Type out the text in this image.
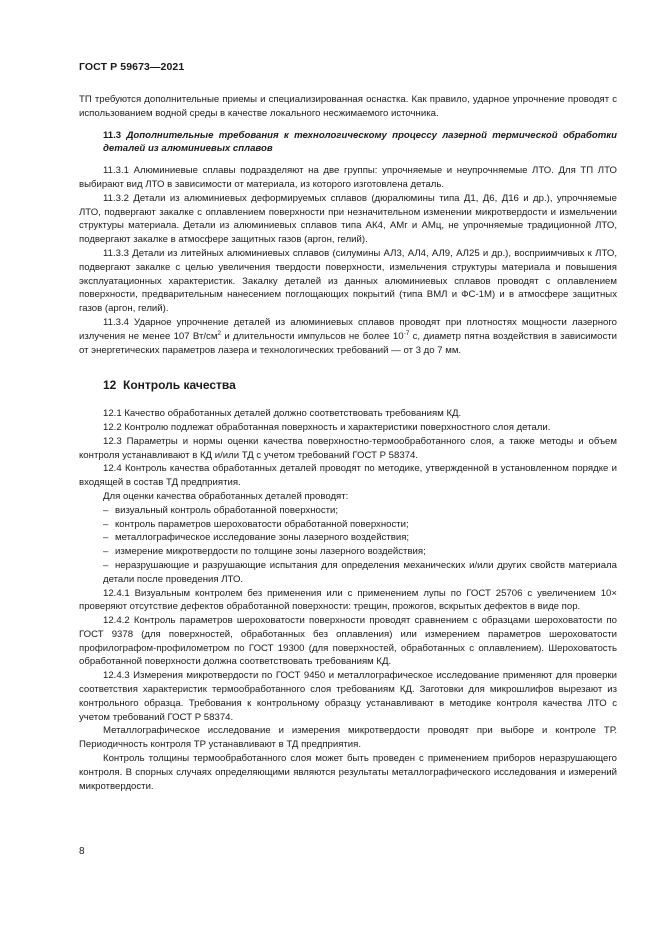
ГОСТ Р 59673—2021

ТП требуются дополнительные приемы и специализированная оснастка. Как правило, ударное упрочнение проводят с использованием водной среды в качестве локального несжимаемого источника.

11.3 Дополнительные требования к технологическому процессу лазерной термической обработки деталей из алюминиевых сплавов

11.3.1 Алюминиевые сплавы подразделяют на две группы: упрочняемые и неупрочняемые ЛТО. Для ТП ЛТО выбирают вид ЛТО в зависимости от материала, из которого изготовлена деталь.

11.3.2 Детали из алюминиевых деформируемых сплавов (дюралюмины типа Д1, Д6, Д16 и др.), упрочняемые ЛТО, подвергают закалке с оплавлением поверхности при незначительном изменении микротвердости и измельчении структуры материала. Детали из алюминиевых сплавов типа АК4, АМг и АМц, не упрочняемые традиционной ЛТО, подвергают закалке в атмосфере защитных газов (аргон, гелий).

11.3.3 Детали из литейных алюминиевых сплавов (силумины АЛ3, АЛ4, АЛ9, АЛ25 и др.), восприимчивых к ЛТО, подвергают закалке с целью увеличения твердости поверхности, измельчения структуры материала и повышения эксплуатационных характеристик. Закалку деталей из данных алюминиевых сплавов проводят с оплавлением поверхности, предварительным нанесением поглощающих покрытий (типа ВМЛ и ФС-1М) и в атмосфере защитных газов (аргон, гелий).

11.3.4 Ударное упрочнение деталей из алюминиевых сплавов проводят при плотностях мощности лазерного излучения не менее 107 $Вт/см^2$ и длительности импульсов не более $10^{-7}$ с, диаметр пятна воздействия в зависимости от энергетических параметров лазера и технологических требований — от 3 до 7 мм.

12 Контроль качества

12.1 Качество обработанных деталей должно соответствовать требованиям КД.

12.2 Контролю подлежат обработанная поверхность и характеристики поверхностного слоя детали.

12.3 Параметры и нормы оценки качества поверхностно-термообработанного слоя, а также методы и объем контроля устанавливают в КД и/или ТД с учетом требований ГОСТ Р 58374.

12.4 Контроль качества обработанных деталей проводят по методике, утвержденной в установленном порядке и входящей в состав ТД предприятия.

Для оценки качества обработанных деталей проводят:

– визуальный контроль обработанной поверхности;

– контроль параметров шероховатости обработанной поверхности;

– металлографическое исследование зоны лазерного воздействия;

– измерение микротвердости по толщине зоны лазерного воздействия;

– неразрушающие и разрушающие испытания для определения механических и/или других свойств материала детали после проведения ЛТО.

12.4.1 Визуальным контролем без применения или с применением лупы по ГОСТ 25706 с увеличением 10× проверяют отсутствие дефектов обработанной поверхности: трещин, прожогов, вскрытых дефектов в виде пор.

12.4.2 Контроль параметров шероховатости поверхности проводят сравнением с образцами шероховатости по ГОСТ 9378 (для поверхностей, обработанных без оплавления) или измерением параметров шероховатости профилографом-профилометром по ГОСТ 19300 (для поверхностей, обработанных с оплавлением). Шероховатость обработанной поверхности должна соответствовать требованиям КД.

12.4.3 Измерения микротвердости по ГОСТ 9450 и металлографическое исследование применяют для проверки соответствия характеристик термообработанного слоя требованиям КД. Заготовки для микрошлифов вырезают из контрольного образца. Требования к контрольному образцу устанавливают в методике контроля качества ЛТО с учетом требований ГОСТ Р 58374.

Металлографическое исследование и измерения микротвердости проводят при выборе и контроле ТР. Периодичность контроля ТР устанавливают в ТД предприятия.

Контроль толщины термообработанного слоя может быть проведен с применением приборов неразрушающего контроля. В спорных случаях определяющими являются результаты металлографического исследования и измерений микротвердости.

8
